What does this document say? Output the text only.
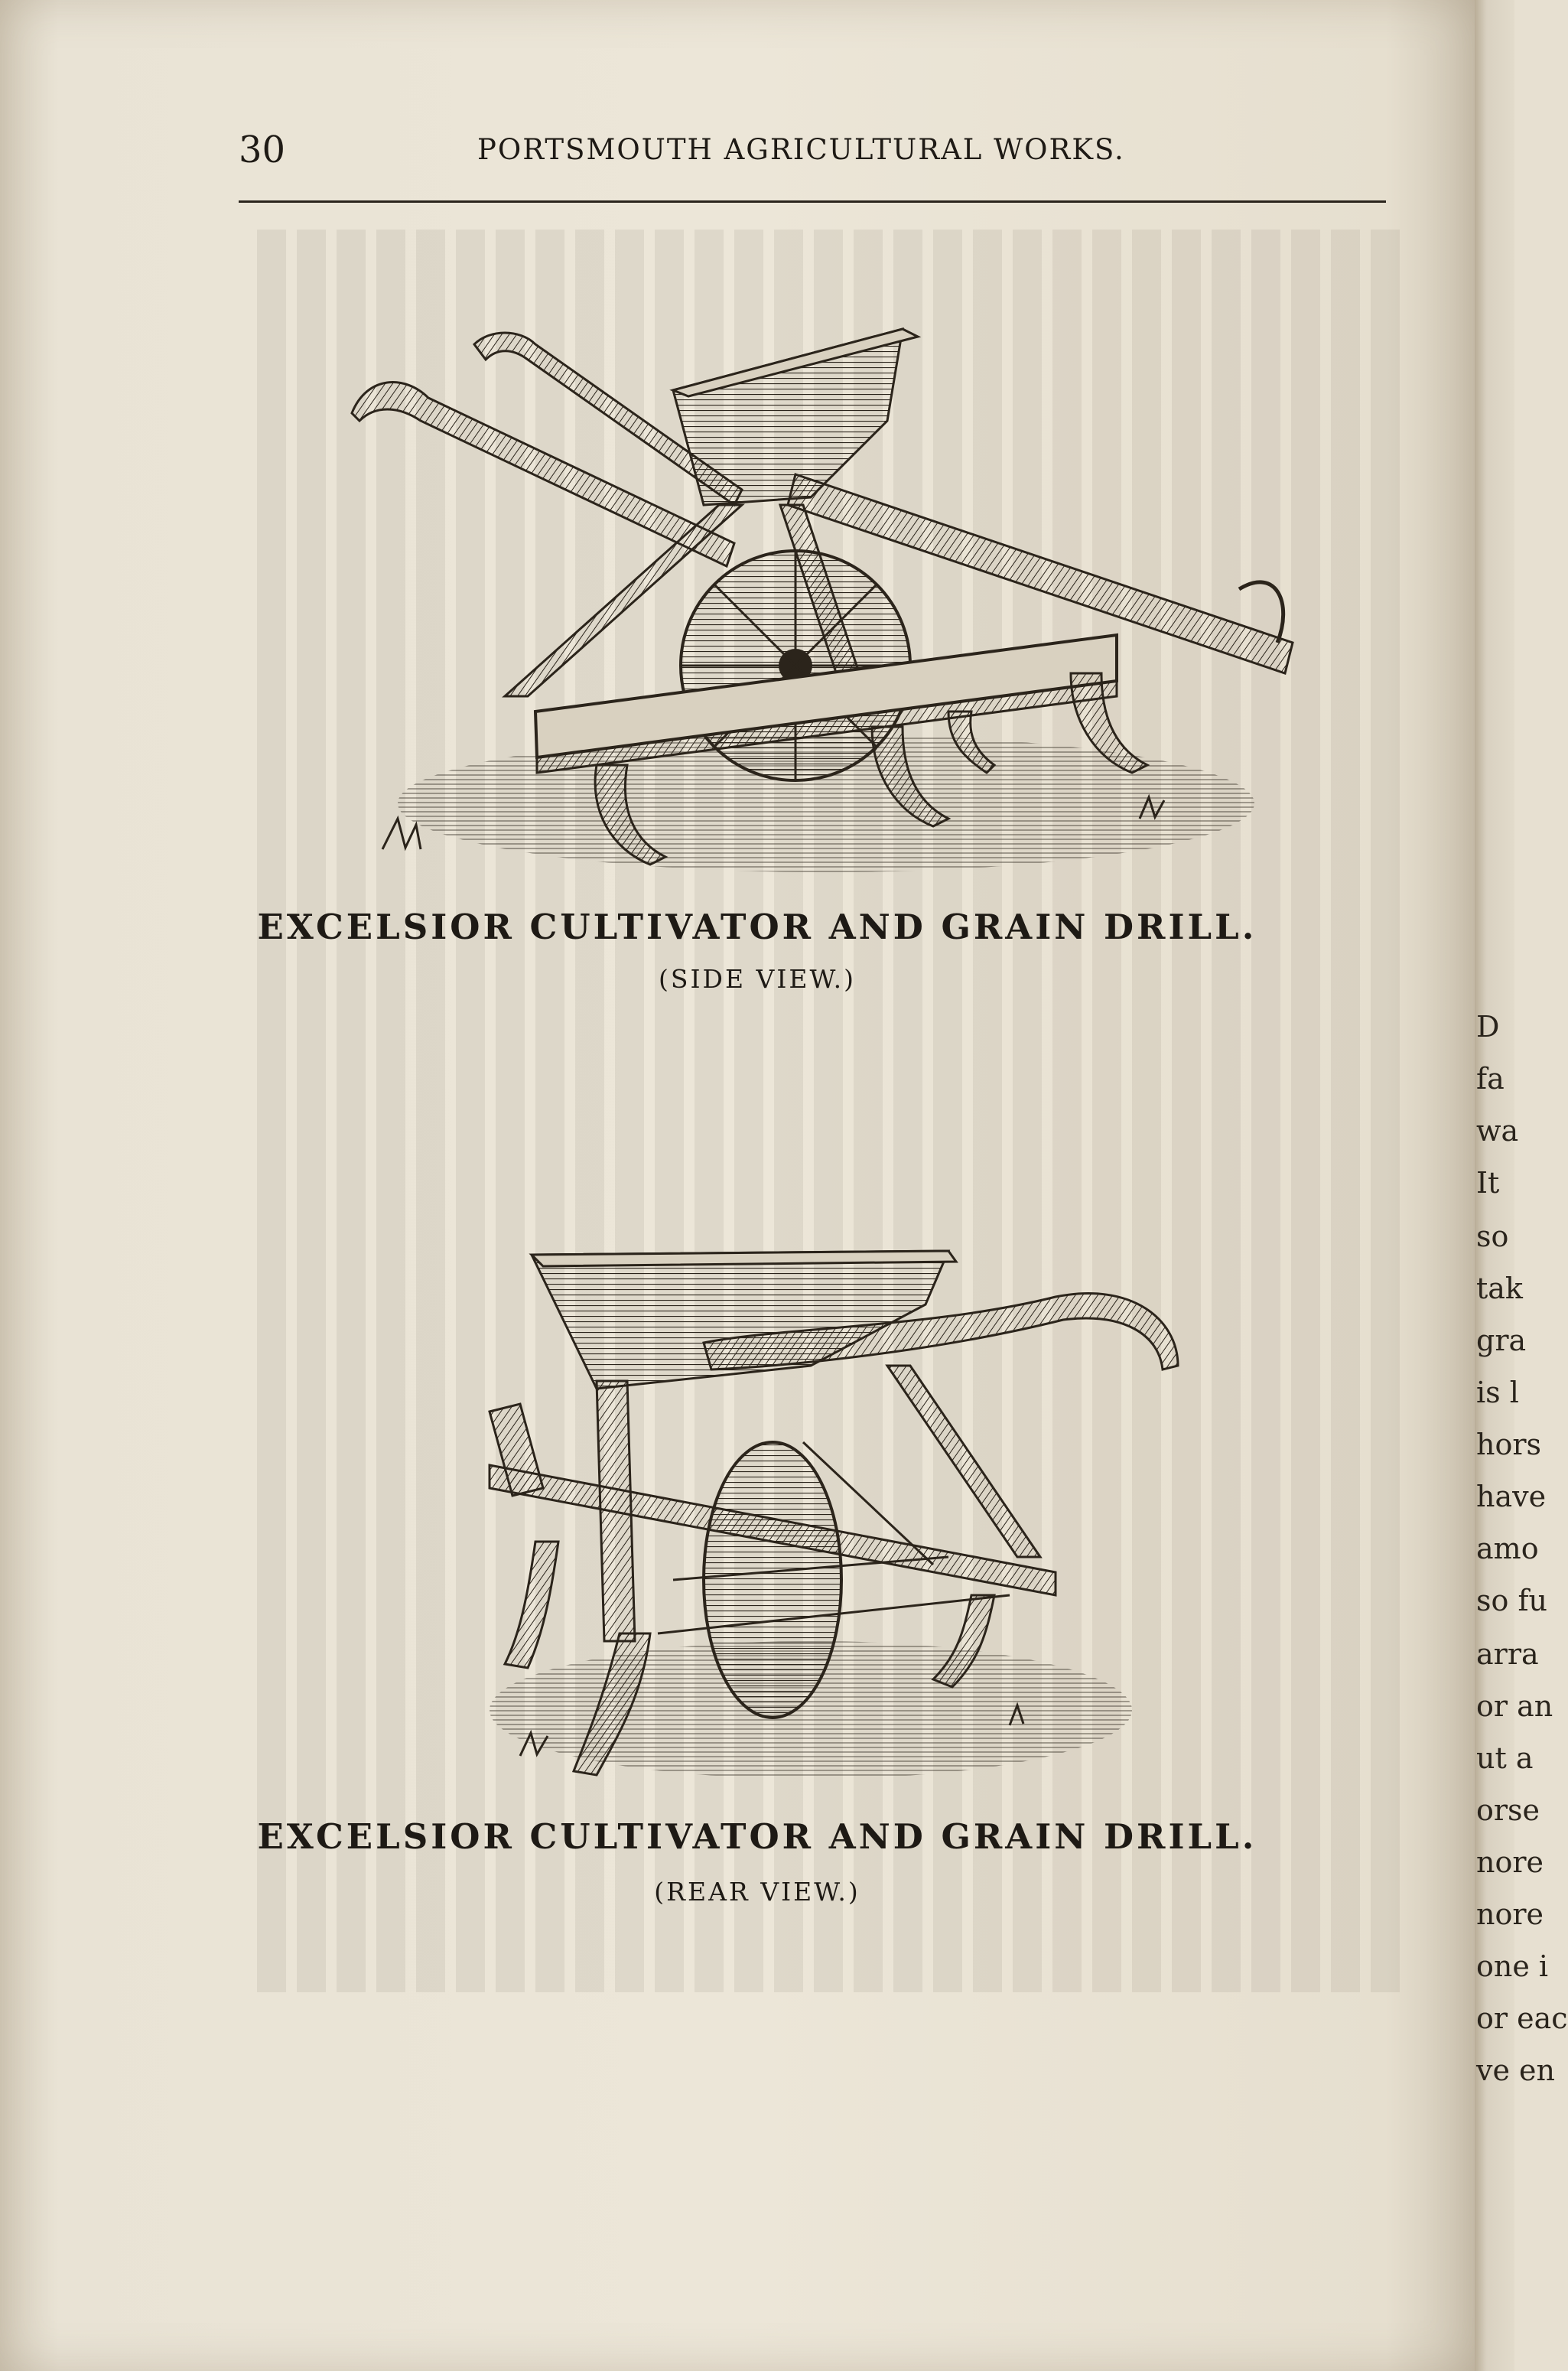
30	PORTSMOUTH AGRICULTURAL WORKS.
EXCELSIOR CULTIVATOR AND GRAIN DRILL.
(SIDE VIEW.)
EXCELSIOR CULTIVATOR AND GRAIN DRILL.
(REAR VIEW.)
D
fa
wa
It
so
tak
gra
is l
hors
have
amo
so fu
arra
or an
ut a
orse
nore
nore
one i
or eac
ve en
